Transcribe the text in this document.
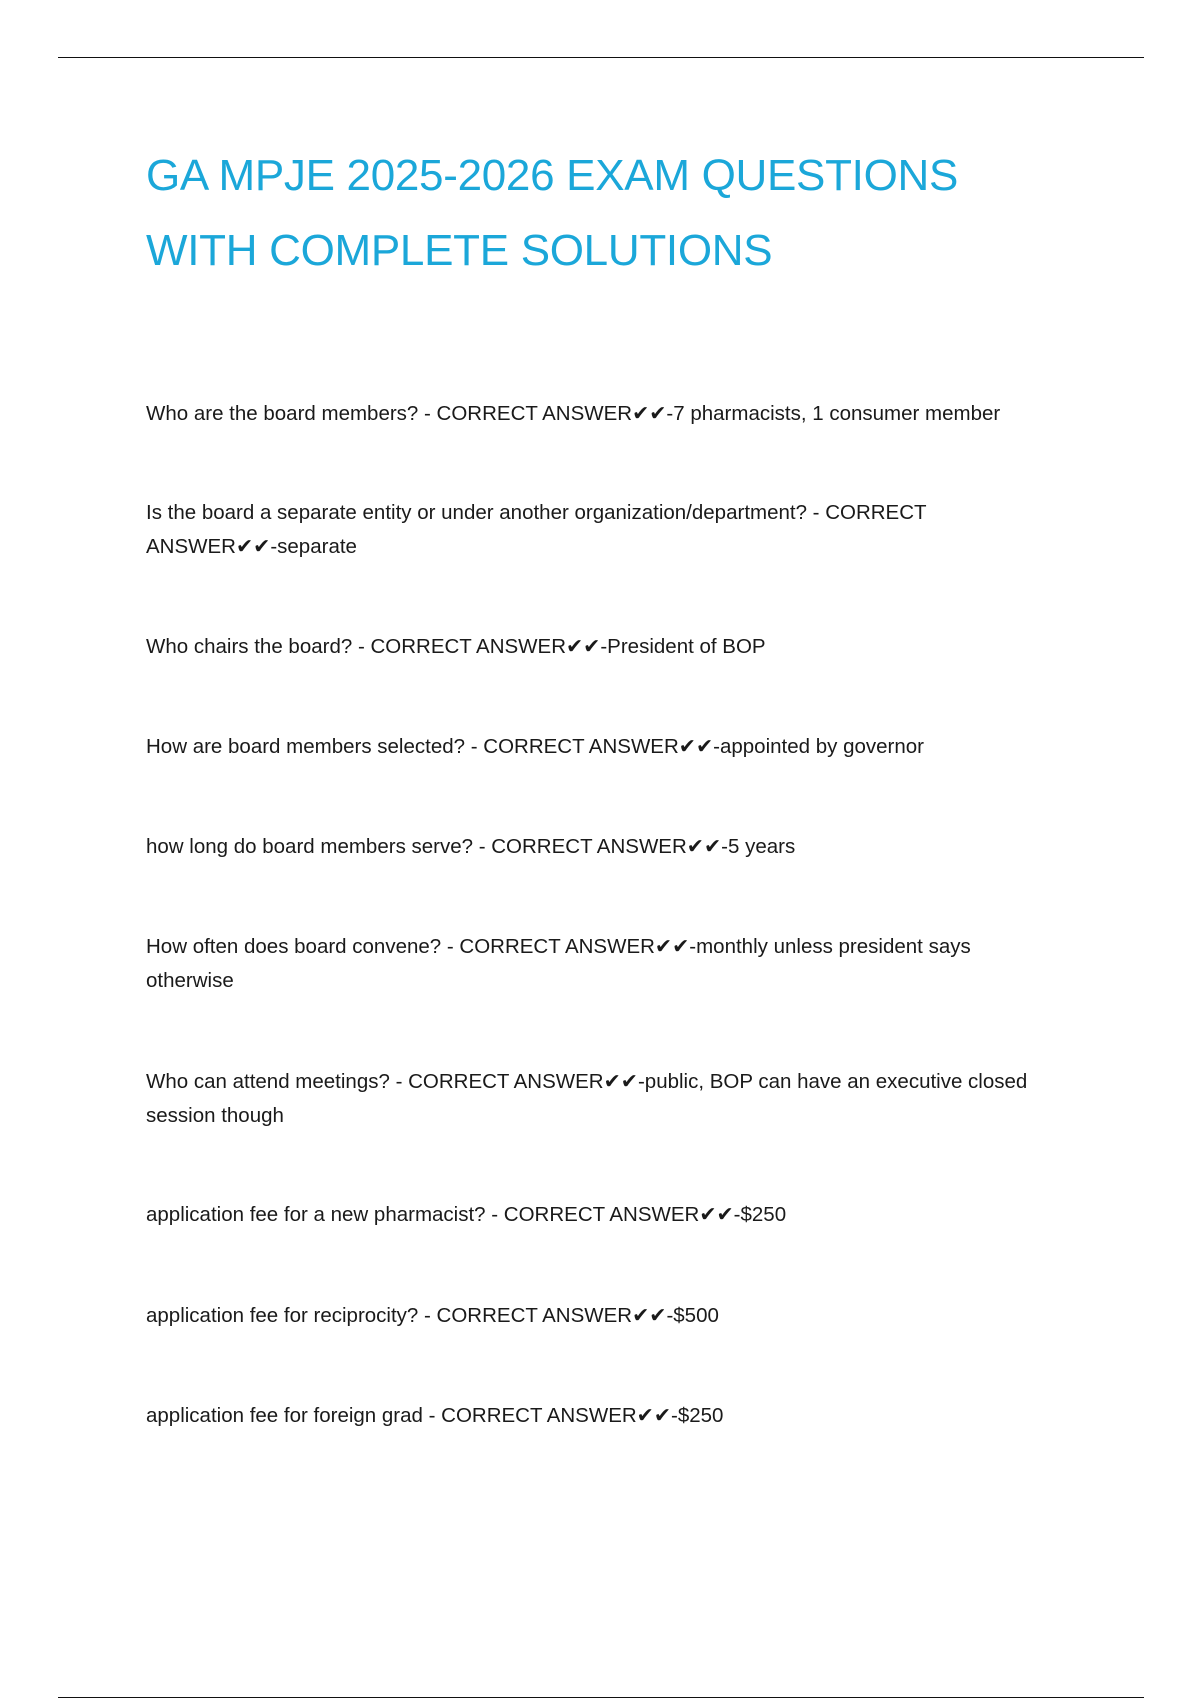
GA MPJE 2025-2026 EXAM QUESTIONS
WITH COMPLETE SOLUTIONS

Who are the board members? - CORRECT ANSWER✔✔-7 pharmacists, 1 consumer member

Is the board a separate entity or under another organization/department? - CORRECT ANSWER✔✔-separate

Who chairs the board? - CORRECT ANSWER✔✔-President of BOP

How are board members selected? - CORRECT ANSWER✔✔-appointed by governor

how long do board members serve? - CORRECT ANSWER✔✔-5 years

How often does board convene? - CORRECT ANSWER✔✔-monthly unless president says otherwise

Who can attend meetings? - CORRECT ANSWER✔✔-public, BOP can have an executive closed session though

application fee for a new pharmacist? - CORRECT ANSWER✔✔-$250

application fee for reciprocity? - CORRECT ANSWER✔✔-$500

application fee for foreign grad - CORRECT ANSWER✔✔-$250
